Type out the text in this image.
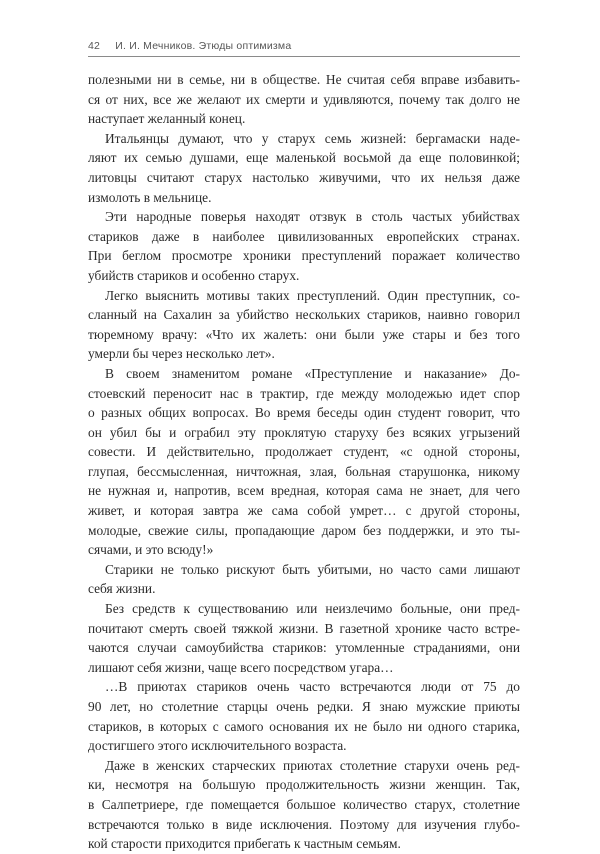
42 И. И. Мечников. Этюды оптимизма
полезными ни в семье, ни в обществе. Не считая себя вправе избавить-
ся от них, все же желают их смерти и удивляются, почему так долго не
наступает желанный конец.
Итальянцы думают, что у старух семь жизней: бергамаски наде-
ляют их семью душами, еще маленькой восьмой да еще половинкой;
литовцы считают старух настолько живучими, что их нельзя даже
измолоть в мельнице.
Эти народные поверья находят отзвук в столь частых убийствах
стариков даже в наиболее цивилизованных европейских странах.
При беглом просмотре хроники преступлений поражает количество
убийств стариков и особенно старух.
Легко выяснить мотивы таких преступлений. Один преступник, со-
сланный на Сахалин за убийство нескольких стариков, наивно говорил
тюремному врачу: «Что их жалеть: они были уже стары и без того
умерли бы через несколько лет».
В своем знаменитом романе «Преступление и наказание» До-
стоевский переносит нас в трактир, где между молодежью идет спор
о разных общих вопросах. Во время беседы один студент говорит, что
он убил бы и ограбил эту проклятую старуху без всяких угрызений
совести. И действительно, продолжает студент, «с одной стороны,
глупая, бессмысленная, ничтожная, злая, больная старушонка, никому
не нужная и, напротив, всем вредная, которая сама не знает, для чего
живет, и которая завтра же сама собой умрет… с другой стороны,
молодые, свежие силы, пропадающие даром без поддержки, и это ты-
сячами, и это всюду!»
Старики не только рискуют быть убитыми, но часто сами лишают
себя жизни.
Без средств к существованию или неизлечимо больные, они пред-
почитают смерть своей тяжкой жизни. В газетной хронике часто встре-
чаются случаи самоубийства стариков: утомленные страданиями, они
лишают себя жизни, чаще всего посредством угара…
…В приютах стариков очень часто встречаются люди от 75 до
90 лет, но столетние старцы очень редки. Я знаю мужские приюты
стариков, в которых с самого основания их не было ни одного старика,
достигшего этого исключительного возраста.
Даже в женских старческих приютах столетние старухи очень ред-
ки, несмотря на большую продолжительность жизни женщин. Так,
в Салпетриере, где помещается большое количество старух, столетние
встречаются только в виде исключения. Поэтому для изучения глубо-
кой старости приходится прибегать к частным семьям.
